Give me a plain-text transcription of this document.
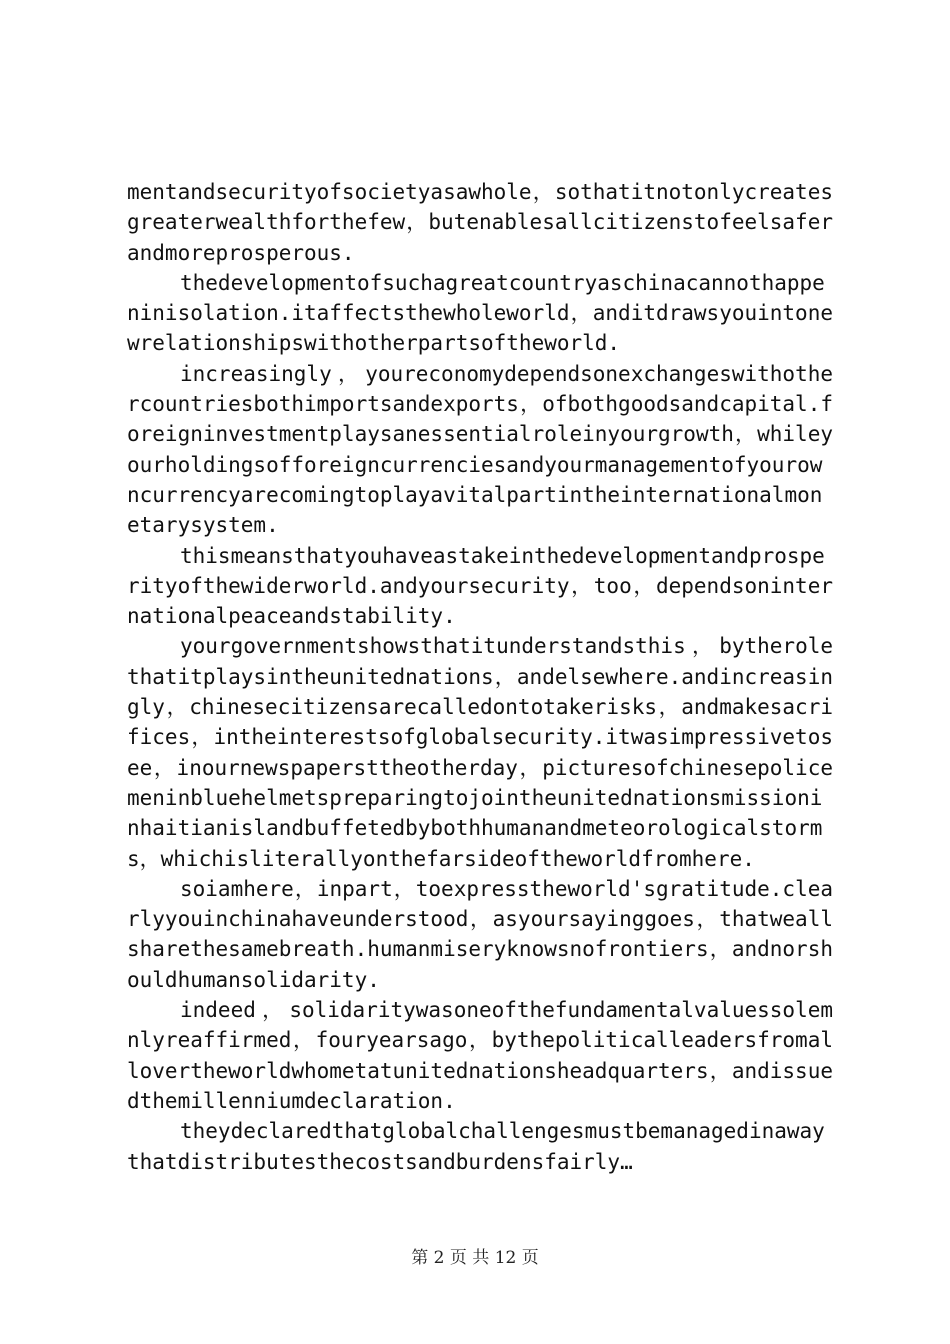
mentandsecurityofsocietyasawhole，sothatitnotonlycreatesgreaterwealthforthefew，butenablesallcitizenstofeelsaferandmoreprosperous.

thedevelopmentofsuchagreatcountryaschinacannothappeninisolation.itaffectsthewholeworld，anditdrawsyouintonewrelationshipswithotherpartsoftheworld.

increasingly，youreconomydependsonexchangeswithothercountriesbothimportsandexports，ofbothgoodsandcapital.foreigninvestmentplaysanessentialroleinyourgrowth，whileyourholdingsofforeigncurrenciesandyourmanagementofyourowncurrencyarecomingtoplayavitalpartintheinternationalmonetarysystem.

thismeansthatyouhaveastakeinthedevelopmentandprosperityofthewiderworld.andyoursecurity，too，dependsoninternationalpeaceandstability.

yourgovernmentshowsthatitunderstandsthis，bytherolethatitplaysintheunitednations，andelsewhere.andincreasingly，chinesecitizensarecalledontotakerisks，andmakesacrifices，intheinterestsofglobalsecurity.itwasimpressivetosee，inournewspapersttheotherday，picturesofchinesepolicemeninbluehelmetspreparingtojointheunitednationsmissioninhaitianislandbuffetedbybothhumanandmeteorologicalstorms，whichisliterallyonthefarsideoftheworldfromhere.

soiamhere，inpart，toexpresstheworld'sgratitude.clearlyyouinchinahaveunderstood，asyoursayinggoes，thatweallsharethesamebreath.humanmiseryknowsnofrontiers，andnorshouldhumansolidarity.

indeed，solidaritywasoneofthefundamentalvaluessolemnlyreaffirmed，fouryearsago，bythepoliticalleadersfromallovertheworldwhometatunitednationsheadquarters，andissuedthemillenniumdeclaration.

theydeclaredthatglobalchallengesmustbemanagedinawaythatdistributesthecostsandburdensfairly…

第 2 页 共 12 页
